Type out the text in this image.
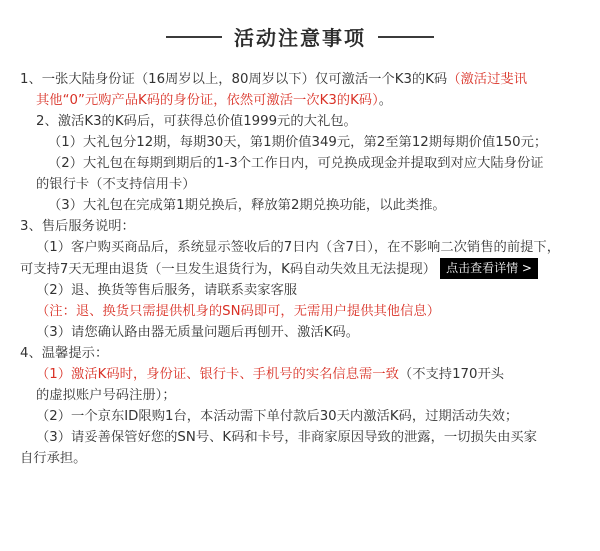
活动注意事项
1、一张大陆身份证（16周岁以上，80周岁以下）仅可激活一个K3的K码（激活过斐讯
其他“0”元购产品K码的身份证，依然可激活一次K3的K码）。
2、激活K3的K码后，可获得总价值1999元的大礼包。
（1）大礼包分12期，每期30天，第1期价值349元，第2至第12期每期价值150元；
（2）大礼包在每期到期后的1-3个工作日内，可兑换成现金并提取到对应大陆身份证
的银行卡（不支持信用卡）
（3）大礼包在完成第1期兑换后，释放第2期兑换功能，以此类推。
3、售后服务说明：
（1）客户购买商品后，系统显示签收后的7日内（含7日），在不影响二次销售的前提下，
可支持7天无理由退货（一旦发生退货行为，K码自动失效且无法提现） 点击查看详情 >
（2）退、换货等售后服务，请联系卖家客服
（注：退、换货只需提供机身的SN码即可，无需用户提供其他信息）
（3）请您确认路由器无质量问题后再刨开、激活K码。
4、温馨提示：
（1）激活K码时，身份证、银行卡、手机号的实名信息需一致（不支持170开头
的虚拟账户号码注册）；
（2）一个京东ID限购1台，本活动需下单付款后30天内激活K码，过期活动失效；
（3）请妥善保管好您的SN号、K码和卡号，非商家原因导致的泄露，一切损失由买家
自行承担。
